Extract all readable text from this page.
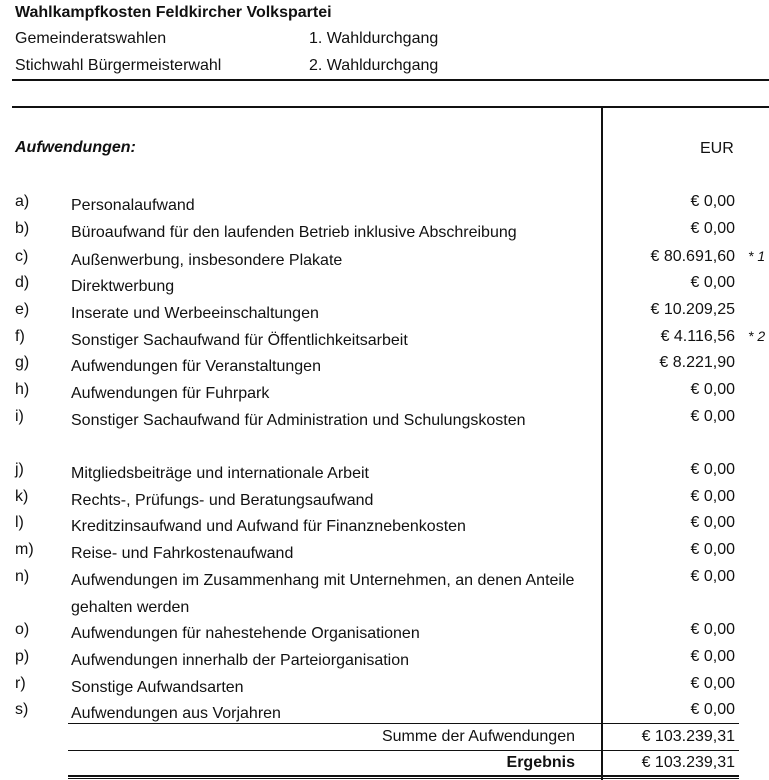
Wahlkampfkosten Feldkircher Volkspartei
Gemeinderatswahlen	1. Wahldurchgang
Stichwahl Bürgermeisterwahl	2. Wahldurchgang
Aufwendungen:	EUR
a)	Personalaufwand	€ 0,00
b)	Büroaufwand für den laufenden Betrieb inklusive Abschreibung	€ 0,00
c)	Außenwerbung, insbesondere Plakate	€ 80.691,60 * 1
d)	Direktwerbung	€ 0,00
e)	Inserate und Werbeeinschaltungen	€ 10.209,25
f)	Sonstiger Sachaufwand für Öffentlichkeitsarbeit	€ 4.116,56 * 2
g)	Aufwendungen für Veranstaltungen	€ 8.221,90
h)	Aufwendungen für Fuhrpark	€ 0,00
i)	Sonstiger Sachaufwand für Administration und Schulungskosten	€ 0,00
j)	Mitgliedsbeiträge und internationale Arbeit	€ 0,00
k)	Rechts-, Prüfungs- und Beratungsaufwand	€ 0,00
l)	Kreditzinsaufwand und Aufwand für Finanznebenkosten	€ 0,00
m) Reise- und Fahrkostenaufwand	€ 0,00
n)	Aufwendungen im Zusammenhang mit Unternehmen, an denen Anteile gehalten werden
€ 0,00
o)	Aufwendungen für nahestehende Organisationen	€ 0,00
p)	Aufwendungen innerhalb der Parteiorganisation	€ 0,00
r)	Sonstige Aufwandsarten	€ 0,00
s)	Aufwendungen aus Vorjahren	€ 0,00
Summe der Aufwendungen	€ 103.239,31
Ergebnis	€ 103.239,31
